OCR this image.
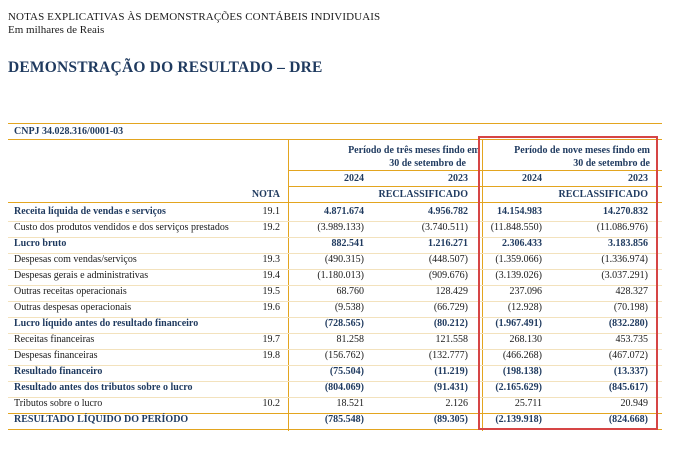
NOTAS EXPLICATIVAS ÀS DEMONSTRAÇÕES CONTÁBEIS INDIVIDUAIS
Em milhares de Reais
DEMONSTRAÇÃO DO RESULTADO – DRE
CNPJ 34.028.316/0001-03
Período de três meses findo em
30 de setembro de
Período de nove meses findo em
30 de setembro de
2024	2023	2024	2023
RECLASSIFICADO	RECLASSIFICADO
NOTA
Receita líquida de vendas e serviços	19.1	4.871.674	4.956.782	14.154.983	14.270.832
Custo dos produtos vendidos e dos serviços prestados	19.2	(3.989.133)	(3.740.511)	(11.848.550)	(11.086.976)
Lucro bruto	882.541	1.216.271	2.306.433	3.183.856
Despesas com vendas/serviços	19.3	(490.315)	(448.507)	(1.359.066)	(1.336.974)
Despesas gerais e administrativas	19.4	(1.180.013)	(909.676)	(3.139.026)	(3.037.291)
Outras receitas operacionais	19.5	68.760	128.429	237.096	428.327
Outras despesas operacionais	19.6	(9.538)	(66.729)	(12.928)	(70.198)
Lucro líquido antes do resultado financeiro	(728.565)	(80.212)	(1.967.491)	(832.280)
Receitas financeiras	19.7	81.258	121.558	268.130	453.735
Despesas financeiras	19.8	(156.762)	(132.777)	(466.268)	(467.072)
Resultado financeiro	(75.504)	(11.219)	(198.138)	(13.337)
Resultado antes dos tributos sobre o lucro	(804.069)	(91.431)	(2.165.629)	(845.617)
Tributos sobre o lucro	10.2	18.521	2.126	25.711	20.949
RESULTADO LÍQUIDO DO PERÍODO	(785.548)	(89.305)	(2.139.918)	(824.668)
